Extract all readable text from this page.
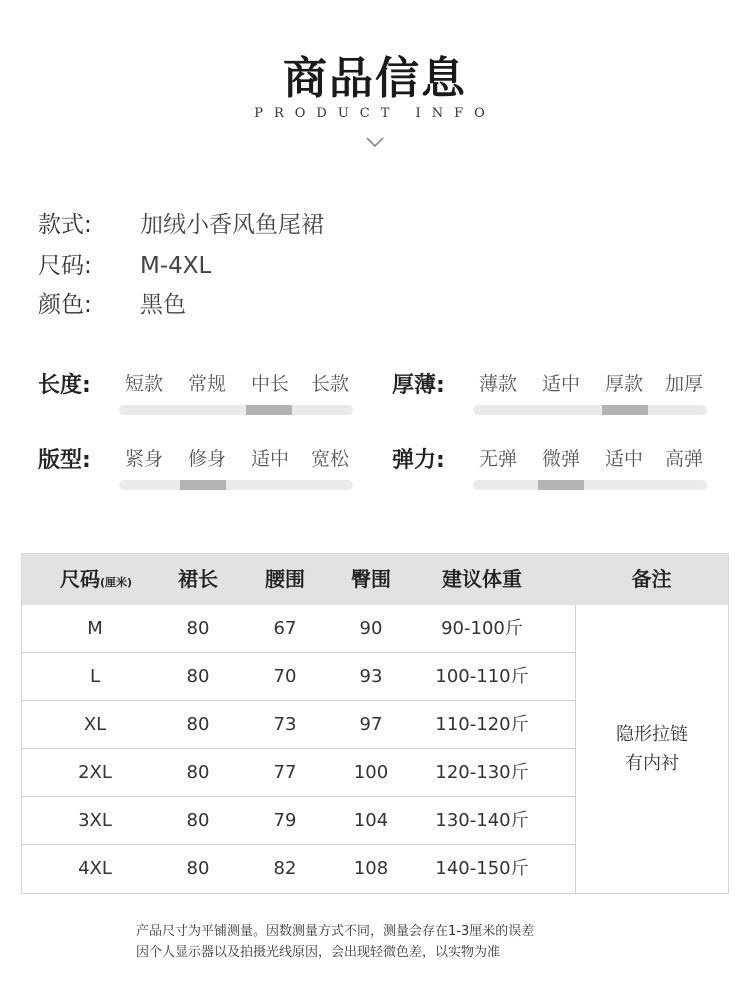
商品信息
PRODUCT INFO
款式: 加绒小香风鱼尾裙
尺码: M-4XL
颜色: 黑色
长度:	短款	常规	中长	长款	厚薄:	薄款	适中	厚款	加厚
版型:	紧身	修身	适中	宽松	弹力:	无弹	微弹	适中	高弹
尺码(厘米)	裙长	腰围	臀围	建议体重	备注
M	80	67	90	90-100斤
L	80	70	93	100-110斤
XL	80	73	97	110-120斤
2XL	80	77	100	120-130斤
3XL	80	79	104	130-140斤
4XL	80	82	108	140-150斤
隐形拉链
有内衬
产品尺寸为平铺测量。因数测量方式不同，测量会存在1-3厘米的误差
因个人显示器以及拍摄光线原因，会出现轻微色差，以实物为准
